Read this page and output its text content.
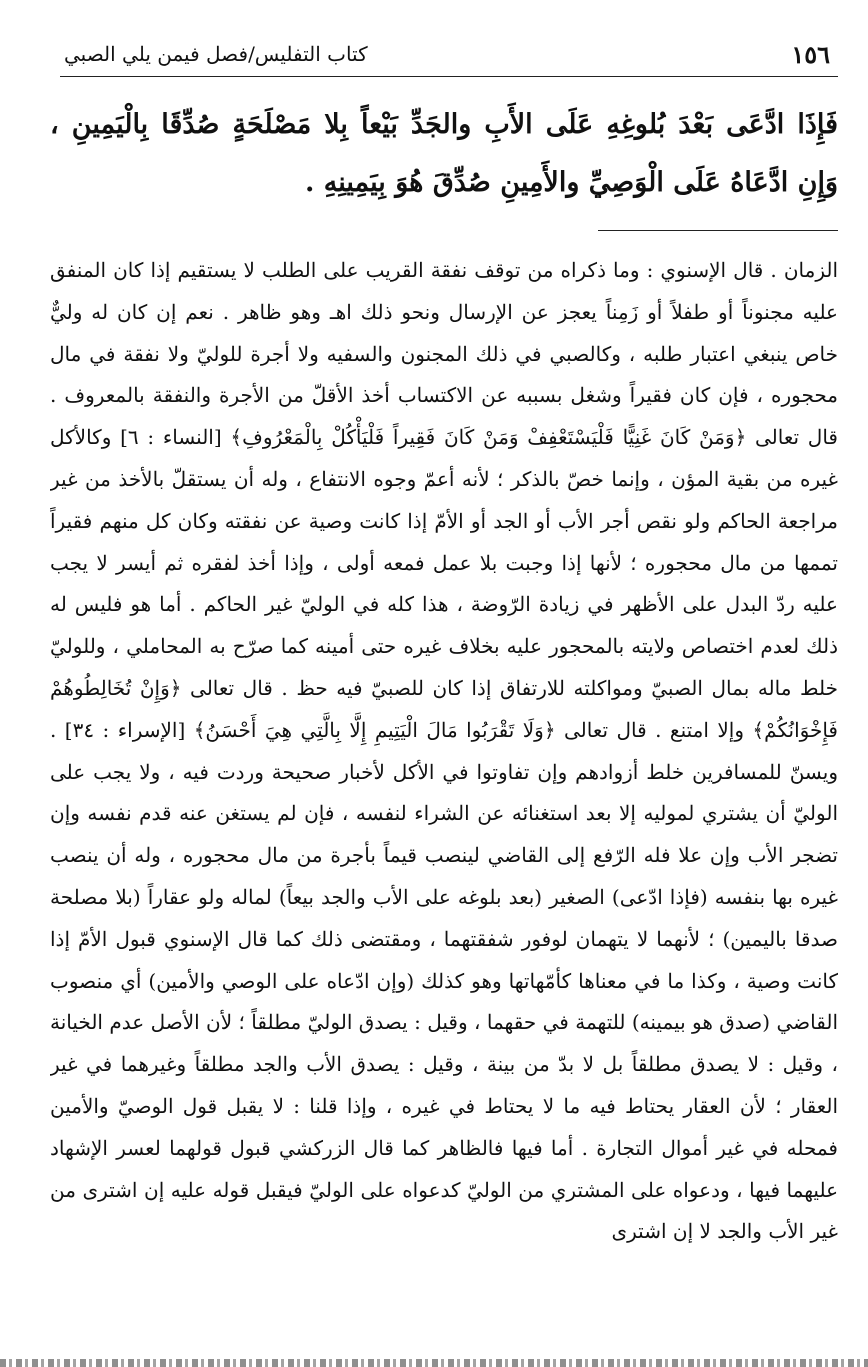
١٥٦
كتاب التفليس/فصل فيمن يلي الصبي
فَإِذَا ادَّعَى بَعْدَ بُلوغِهِ عَلَى الأَبِ والجَدِّ بَيْعاً بِلا مَصْلَحَةٍ صُدِّقَا بِالْيَمِينِ ، وَإِنِ ادَّعَاهُ عَلَى الْوَصِيِّ والأَمِينِ صُدِّقَ هُوَ بِيَمِينِهِ .

الزمان . قال الإسنوي : وما ذكراه من توقف نفقة القريب على الطلب لا يستقيم إذا كان المنفق عليه مجنوناً أو طفلاً أو زَمِناً يعجز عن الإرسال ونحو ذلك اهـ وهو ظاهر . نعم إن كان له وليٌّ خاص ينبغي اعتبار طلبه ، وكالصبي في ذلك المجنون والسفيه ولا أجرة للوليّ ولا نفقة في مال محجوره ، فإن كان فقيراً وشغل بسببه عن الاكتساب أخذ الأقلّ من الأجرة والنفقة بالمعروف . قال تعالى ﴿وَمَنْ كَانَ غَنِيًّا فَلْيَسْتَعْفِفْ وَمَنْ كَانَ فَقِيراً فَلْيَأْكُلْ بِالْمَعْرُوفِ﴾ [النساء : ٦] وكالأكل غيره من بقية المؤن ، وإنما خصّ بالذكر ؛ لأنه أعمّ وجوه الانتفاع ، وله أن يستقلّ بالأخذ من غير مراجعة الحاكم ولو نقص أجر الأب أو الجد أو الأمّ إذا كانت وصية عن نفقته وكان كل منهم فقيراً تممها من مال محجوره ؛ لأنها إذا وجبت بلا عمل فمعه أولى ، وإذا أخذ لفقره ثم أيسر لا يجب عليه ردّ البدل على الأظهر في زيادة الرّوضة ، هذا كله في الوليّ غير الحاكم . أما هو فليس له ذلك لعدم اختصاص ولايته بالمحجور عليه بخلاف غيره حتى أمينه كما صرّح به المحاملي ، وللوليّ خلط ماله بمال الصبيّ ومواكلته للارتفاق إذا كان للصبيّ فيه حظ . قال تعالى ﴿وَإِنْ تُخَالِطُوهُمْ فَإِخْوَانُكُمْ﴾ وإلا امتنع . قال تعالى ﴿وَلَا تَقْرَبُوا مَالَ الْيَتِيمِ إِلَّا بِالَّتِي هِيَ أَحْسَنُ﴾ [الإسراء : ٣٤] . ويسنّ للمسافرين خلط أزوادهم وإن تفاوتوا في الأكل لأخبار صحيحة وردت فيه ، ولا يجب على الوليّ أن يشتري لموليه إلا بعد استغنائه عن الشراء لنفسه ، فإن لم يستغن عنه قدم نفسه وإن تضجر الأب وإن علا فله الرّفع إلى القاضي لينصب قيماً بأجرة من مال محجوره ، وله أن ينصب غيره بها بنفسه (فإذا ادّعى) الصغير (بعد بلوغه على الأب والجد بيعاً) لماله ولو عقاراً (بلا مصلحة صدقا باليمين) ؛ لأنهما لا يتهمان لوفور شفقتهما ، ومقتضى ذلك كما قال الإسنوي قبول الأمّ إذا كانت وصية ، وكذا ما في معناها كأمّهاتها وهو كذلك (وإن ادّعاه على الوصي والأمين) أي منصوب القاضي (صدق هو بيمينه) للتهمة في حقهما ، وقيل : يصدق الوليّ مطلقاً ؛ لأن الأصل عدم الخيانة ، وقيل : لا يصدق مطلقاً بل لا بدّ من بينة ، وقيل : يصدق الأب والجد مطلقاً وغيرهما في غير العقار ؛ لأن العقار يحتاط فيه ما لا يحتاط في غيره ، وإذا قلنا : لا يقبل قول الوصيّ والأمين فمحله في غير أموال التجارة . أما فيها فالظاهر كما قال الزركشي قبول قولهما لعسر الإشهاد عليهما فيها ، ودعواه على المشتري من الوليّ كدعواه على الوليّ فيقبل قوله عليه إن اشترى من غير الأب والجد لا إن اشترى
